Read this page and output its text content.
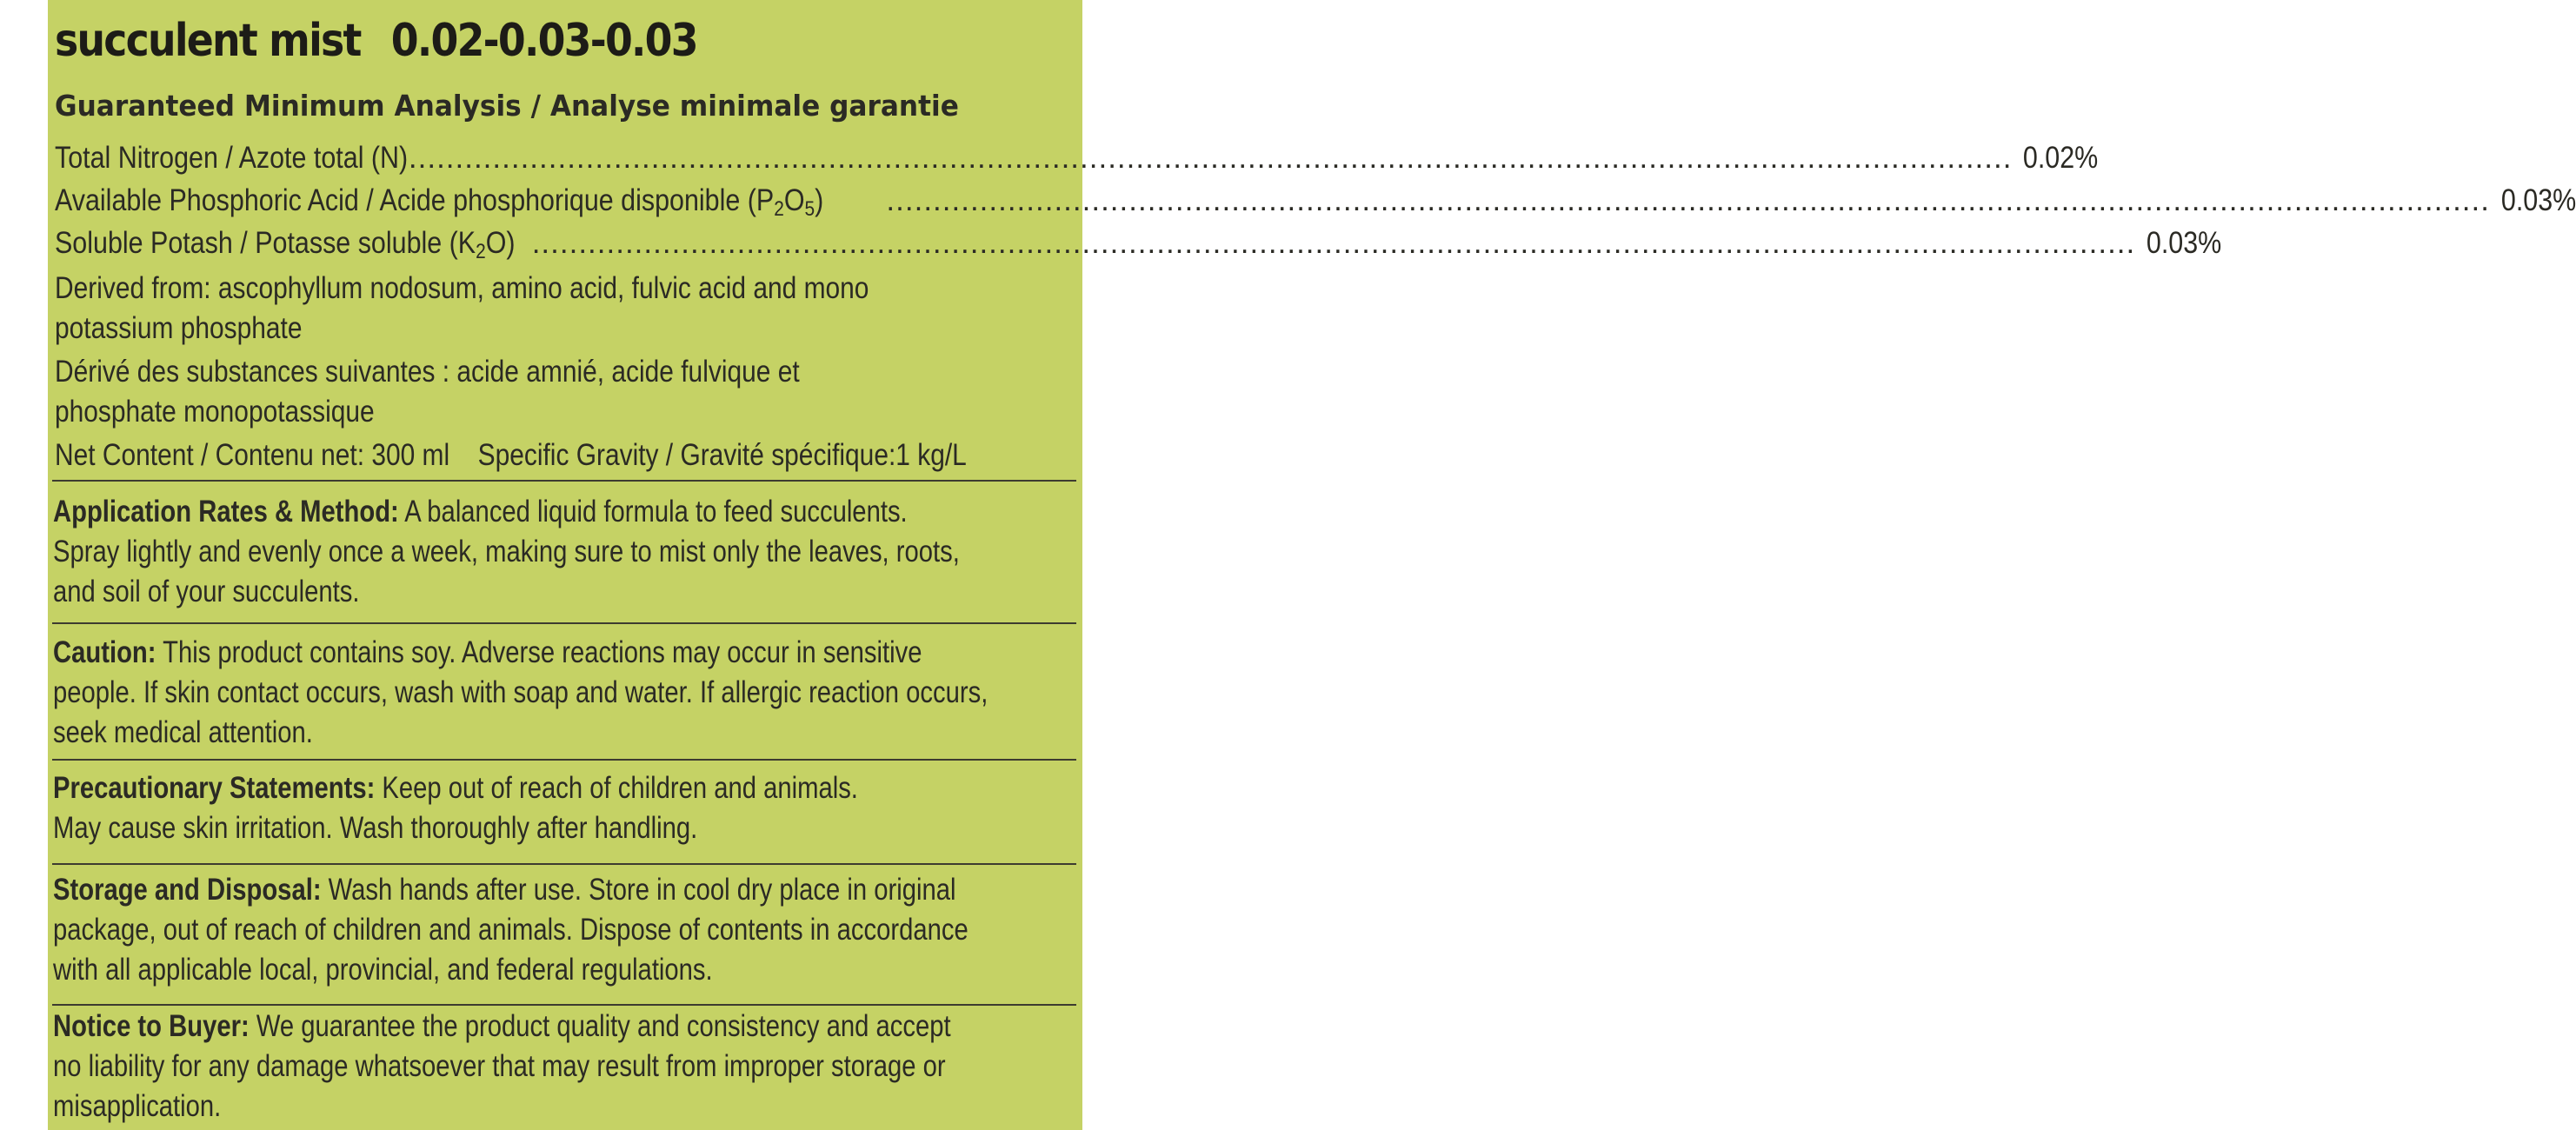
succulent mist 0.02-0.03-0.03
Guaranteed Minimum Analysis / Analyse minimale garantie
Total Nitrogen / Azote total (N) ............................................................................................................................................................................ 0.02%
Available Phosphoric Acid / Acide phosphorique disponible $(P_2O_5)$ ............................................................................................................................................................................ 0.03%
Soluble Potash / Potasse soluble $(K_2O)$ ............................................................................................................................................................................ 0.03%
Derived from: ascophyllum nodosum, amino acid, fulvic acid and mono
potassium phosphate
Dérivé des substances suivantes : acide amnié, acide fulvique et
phosphate monopotassique
Net Content / Contenu net: 300 ml Specific Gravity / Gravité spécifique:1 kg/L
Application Rates & Method: A balanced liquid formula to feed succulents.
Spray lightly and evenly once a week, making sure to mist only the leaves, roots,
and soil of your succulents.
Caution: This product contains soy. Adverse reactions may occur in sensitive
people. If skin contact occurs, wash with soap and water. If allergic reaction occurs,
seek medical attention.
Precautionary Statements: Keep out of reach of children and animals.
May cause skin irritation. Wash thoroughly after handling.
Storage and Disposal: Wash hands after use. Store in cool dry place in original
package, out of reach of children and animals. Dispose of contents in accordance
with all applicable local, provincial, and federal regulations.
Notice to Buyer: We guarantee the product quality and consistency and accept
no liability for any damage whatsoever that may result from improper storage or
misapplication.
